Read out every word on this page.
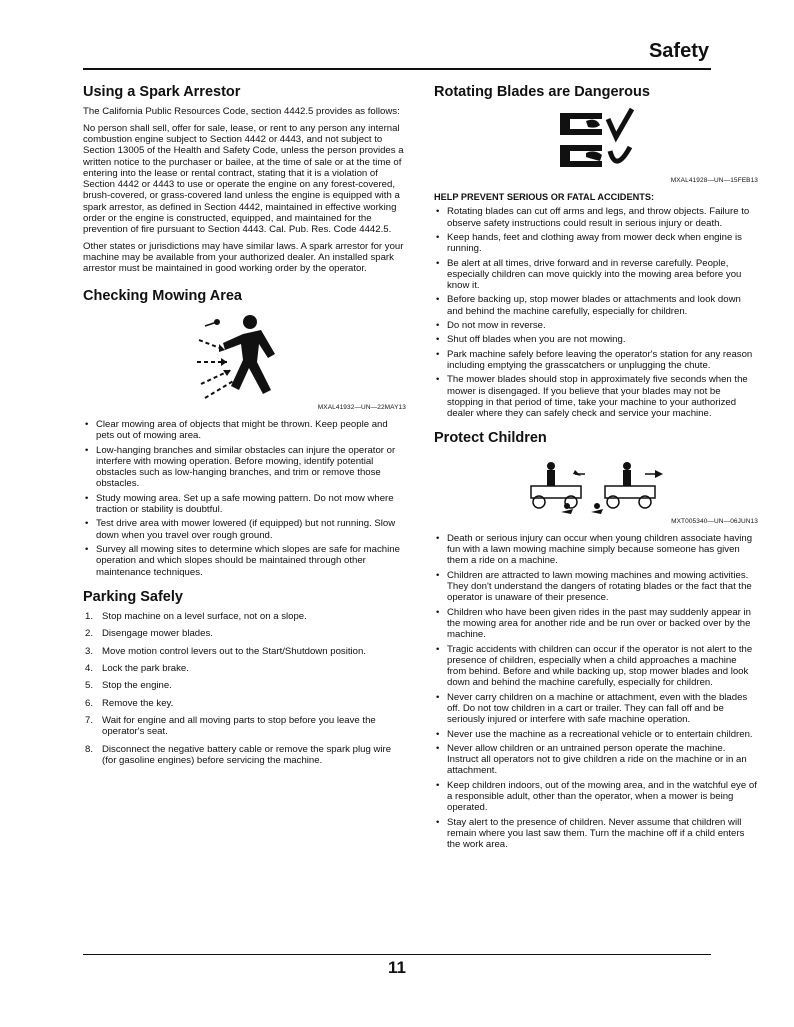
Safety
Using a Spark Arrestor

The California Public Resources Code, section 4442.5 provides as follows:

No person shall sell, offer for sale, lease, or rent to any person any internal combustion engine subject to Section 4442 or 4443, and not subject to Section 13005 of the Health and Safety Code, unless the person provides a written notice to the purchaser or bailee, at the time of sale or at the time of entering into the lease or rental contract, stating that it is a violation of Section 4442 or 4443 to use or operate the engine on any forest-covered, brush-covered, or grass-covered land unless the engine is equipped with a spark arrestor, as defined in Section 4442, maintained in effective working order or the engine is constructed, equipped, and maintained for the prevention of fire pursuant to Section 4443. Cal. Pub. Res. Code 4442.5.

Other states or jurisdictions may have similar laws. A spark arrestor for your machine may be available from your authorized dealer. An installed spark arrestor must be maintained in good working order by the operator.

Checking Mowing Area
MXAL41932—UN—22MAY13
• Clear mowing area of objects that might be thrown. Keep people and pets out of mowing area.
• Low-hanging branches and similar obstacles can injure the operator or interfere with mowing operation. Before mowing, identify potential obstacles such as low-hanging branches, and trim or remove those obstacles.
• Study mowing area. Set up a safe mowing pattern. Do not mow where traction or stability is doubtful.
• Test drive area with mower lowered (if equipped) but not running. Slow down when you travel over rough ground.
• Survey all mowing sites to determine which slopes are safe for machine operation and which slopes should be maintained through other maintenance techniques.
Parking Safely
1. Stop machine on a level surface, not on a slope.
2. Disengage mower blades.
3. Move motion control levers out to the Start/Shutdown position.
4. Lock the park brake.
5. Stop the engine.
6. Remove the key.
7. Wait for engine and all moving parts to stop before you leave the operator's seat.
8. Disconnect the negative battery cable or remove the spark plug wire (for gasoline engines) before servicing the machine.
Rotating Blades are Dangerous
MXAL41928—UN—15FEB13
HELP PREVENT SERIOUS OR FATAL ACCIDENTS:
• Rotating blades can cut off arms and legs, and throw objects. Failure to observe safety instructions could result in serious injury or death.
• Keep hands, feet and clothing away from mower deck when engine is running.
• Be alert at all times, drive forward and in reverse carefully. People, especially children can move quickly into the mowing area before you know it.
• Before backing up, stop mower blades or attachments and look down and behind the machine carefully, especially for children.
• Do not mow in reverse.
• Shut off blades when you are not mowing.
• Park machine safely before leaving the operator's station for any reason including emptying the grasscatchers or unplugging the chute.
• The mower blades should stop in approximately five seconds when the mower is disengaged. If you believe that your blades may not be stopping in that period of time, take your machine to your authorized dealer where they can safely check and service your machine.
Protect Children
MXT005340—UN—06JUN13
• Death or serious injury can occur when young children associate having fun with a lawn mowing machine simply because someone has given them a ride on a machine.
• Children are attracted to lawn mowing machines and mowing activities. They don't understand the dangers of rotating blades or the fact that the operator is unaware of their presence.
• Children who have been given rides in the past may suddenly appear in the mowing area for another ride and be run over or backed over by the machine.
• Tragic accidents with children can occur if the operator is not alert to the presence of children, especially when a child approaches a machine from behind. Before and while backing up, stop mower blades and look down and behind the machine carefully, especially for children.
• Never carry children on a machine or attachment, even with the blades off. Do not tow children in a cart or trailer. They can fall off and be seriously injured or interfere with safe machine operation.
• Never use the machine as a recreational vehicle or to entertain children.
• Never allow children or an untrained person operate the machine. Instruct all operators not to give children a ride on the machine or in an attachment.
• Keep children indoors, out of the mowing area, and in the watchful eye of a responsible adult, other than the operator, when a mower is being operated.
• Stay alert to the presence of children. Never assume that children will remain where you last saw them. Turn the machine off if a child enters the work area.
11
